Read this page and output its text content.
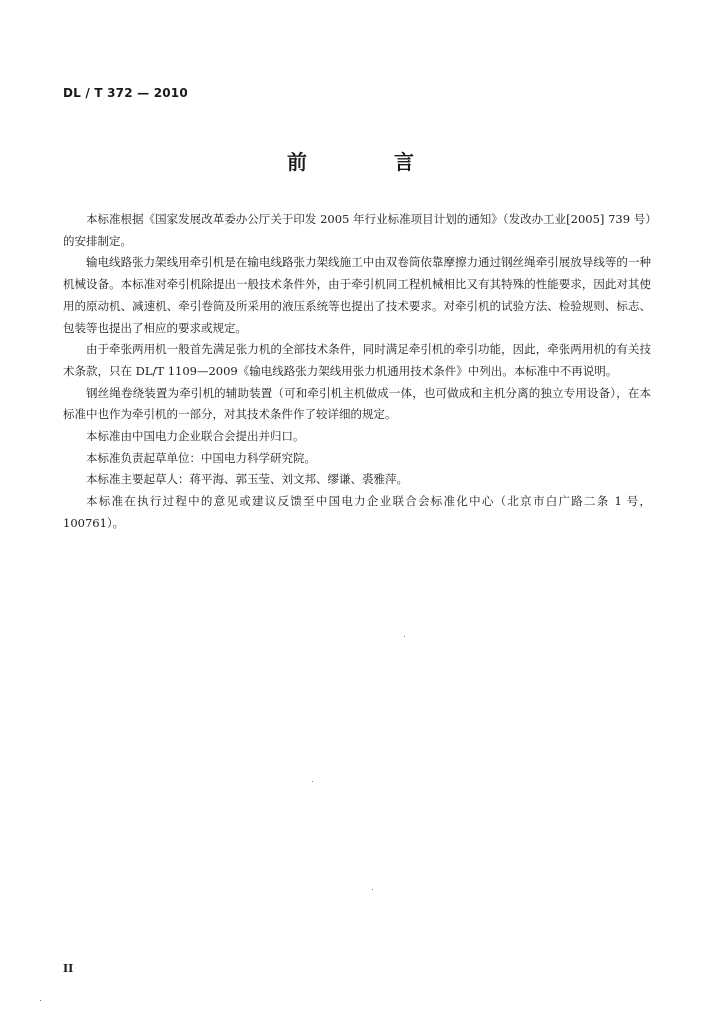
DL / T 372 — 2010
前 言

本标准根据《国家发展改革委办公厅关于印发 2005 年行业标准项目计划的通知》（发改办工业[2005] 739 号）的安排制定。

输电线路张力架线用牵引机是在输电线路张力架线施工中由双卷筒依靠摩擦力通过钢丝绳牵引展放导线等的一种机械设备。本标准对牵引机除提出一般技术条件外，由于牵引机同工程机械相比又有其特殊的性能要求，因此对其使用的原动机、减速机、牵引卷筒及所采用的液压系统等也提出了技术要求。对牵引机的试验方法、检验规则、标志、包装等也提出了相应的要求或规定。

由于牵张两用机一般首先满足张力机的全部技术条件，同时满足牵引机的牵引功能，因此，牵张两用机的有关技术条款，只在 DL/T 1109—2009《输电线路张力架线用张力机通用技术条件》中列出。本标准中不再说明。

钢丝绳卷绕装置为牵引机的辅助装置（可和牵引机主机做成一体，也可做成和主机分离的独立专用设备），在本标准中也作为牵引机的一部分，对其技术条件作了较详细的规定。

本标准由中国电力企业联合会提出并归口。

本标准负责起草单位：中国电力科学研究院。

本标准主要起草人：蒋平海、郭玉莹、刘文邦、缪谦、裘雅萍。

本标准在执行过程中的意见或建议反馈至中国电力企业联合会标准化中心（北京市白广路二条 1 号，100761）。

II
